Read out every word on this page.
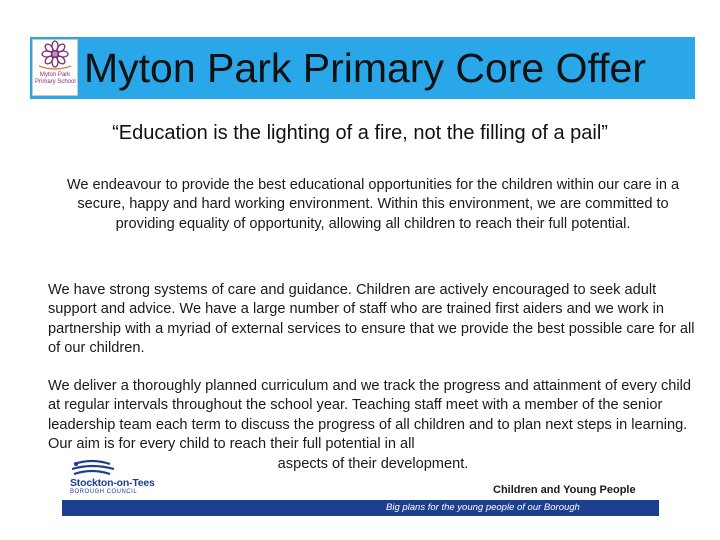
Myton Park
Primary School Myton Park Primary Core Offer
“Education is the lighting of a fire, not the filling of a pail”

We endeavour to provide the best educational opportunities for the children within our care in a secure, happy and hard working environment. Within this environment, we are committed to providing equality of opportunity, allowing all children to reach their full potential.

We have strong systems of care and guidance. Children are actively encouraged to seek adult support and advice. We have a large number of staff who are trained first aiders and we work in partnership with a myriad of external services to ensure that we provide the best possible care for all of our children.

We deliver a thoroughly planned curriculum and we track the progress and attainment of every child at regular intervals throughout the school year. Teaching staff meet with a member of the senior leadership team each term to discuss the progress of all children and to plan next steps in learning. Our aim is for every child to reach their full potential in all
aspects of their development.

Stockton-on-Tees
BOROUGH COUNCIL	Children and Young People
Big plans for the young people of our Borough
